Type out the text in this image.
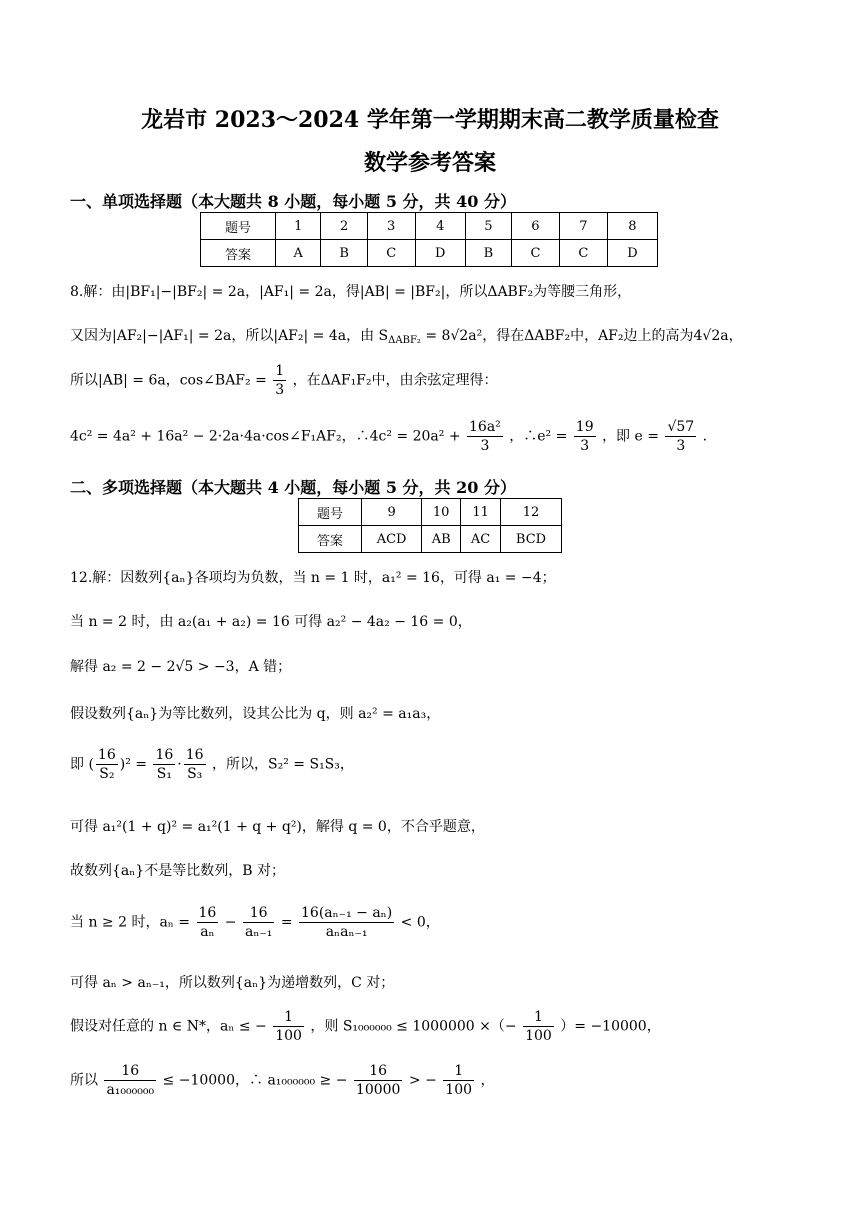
龙岩市 2023～2024 学年第一学期期末高二教学质量检查
数学参考答案
一、单项选择题（本大题共 8 小题，每小题 5 分，共 40 分）
题号	1	2	3	4	5	6	7	8
答案	A	B	C	D	B	C	C	D
8.解：由|BF₁|−|BF₂| = 2a，|AF₁| = 2a，得|AB| = |BF₂|，所以ΔABF₂为等腰三角形，
又因为|AF₂|−|AF₁| = 2a，所以|AF₂| = 4a，由 $S_{\Delta ABF_2} = 8√2a^2$，得在ΔABF₂中，AF₂边上的高为4√2a，
所以|AB| = 6a，cos∠BAF₂ = $\frac{1}{3}$ ，在ΔAF₁F₂中，由余弦定理得：
4c² = 4a² + 16a² − 2·2a·4a·cos∠F₁AF₂，∴4c² = $20a^2 + \frac{\text{16a²}}{3}$ ，∴e² = $\frac{19}{3}$ ，即 $e = \frac{√57}{3}$ .
二、多项选择题（本大题共 4 小题，每小题 5 分，共 20 分）
题号	9	10	11	12
答案	ACD	AB	AC	BCD
12.解：因数列{aₙ}各项均为负数，当 n = 1 时，a₁² = 16，可得 a₁ = −4；
当 n = 2 时，由 a₂(a₁ + a₂) = 16 可得 a₂² − 4a₂ − 16 = 0，
解得 a₂ = 2 − 2√5 > −3，A 错；
假设数列{aₙ}为等比数列，设其公比为 q，则 a₂² = a₁a₃，
即 ( $\frac{16}{\text{S₂}} )^2 = \frac{16}{\text{S₁}} \cdot \frac{16}{\text{S₃}}$ ，所以，S₂² = S₁S₃，
可得 a₁²(1 + q)² = a₁²(1 + q + q²)，解得 q = 0，不合乎题意，
故数列{aₙ}不是等比数列，B 对；
当 n ≥ 2 时，$a_n = \frac{16}{\text{aₙ}} - \frac{16}{\text{aₙ₋₁}} = \frac{\text{16(aₙ₋₁ − aₙ)}}{\text{aₙaₙ₋₁}} < 0$，
可得 aₙ > aₙ₋₁，所以数列{aₙ}为递增数列，C 对；
假设对任意的 n ∈ N*，aₙ ≤ − $\frac{1}{100}$ ，则 S₁₀₀₀₀₀₀ ≤ 1000000 ×（− $\frac{1}{100}$ ）= −10000，
所以 $\frac{16}{\text{a₁₀₀₀₀₀₀}} \le -10000$，∴ a₁₀₀₀₀₀₀ ≥ − $\frac{16}{10000}$ > − $\frac{1}{100}$ ，
